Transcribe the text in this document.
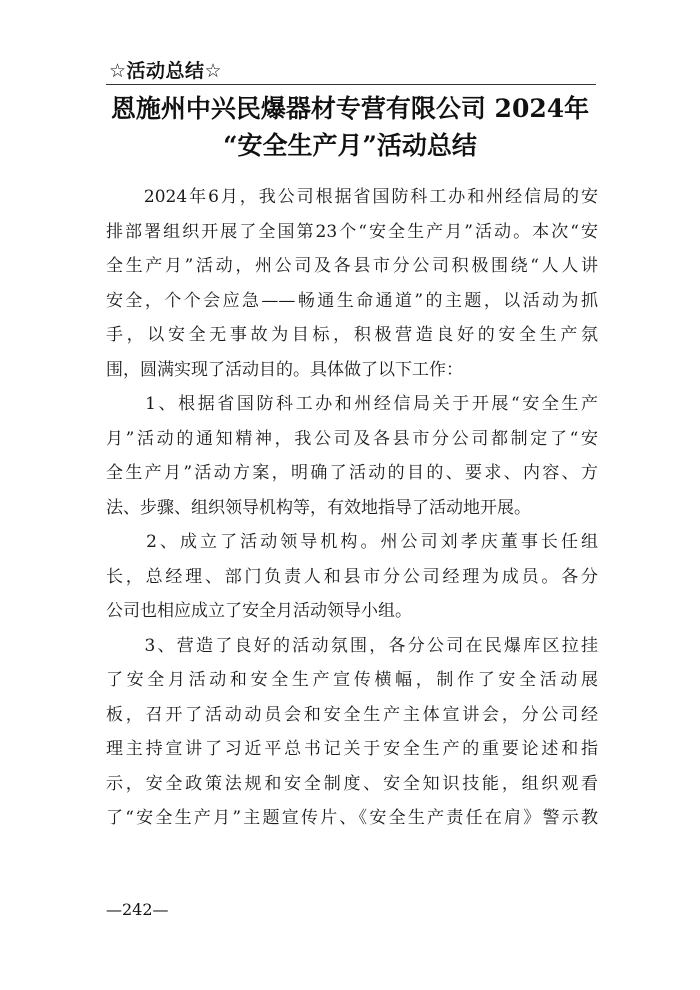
☆活动总结☆
恩施州中兴民爆器材专营有限公司 2024年
“安全生产月”活动总结
　　2024年6月，我公司根据省国防科工办和州经信局的安
排部署组织开展了全国第23个“安全生产月”活动。本次“安
全生产月”活动，州公司及各县市分公司积极围绕“人人讲
安全，个个会应急——畅通生命通道”的主题，以活动为抓
手，以安全无事故为目标，积极营造良好的安全生产氛
围，圆满实现了活动目的。具体做了以下工作：
　　1、根据省国防科工办和州经信局关于开展“安全生产
月”活动的通知精神，我公司及各县市分公司都制定了“安
全生产月”活动方案，明确了活动的目的、要求、内容、方
法、步骤、组织领导机构等，有效地指导了活动地开展。
　　2、成立了活动领导机构。州公司刘孝庆董事长任组
长，总经理、部门负责人和县市分公司经理为成员。各分
公司也相应成立了安全月活动领导小组。
　　3、营造了良好的活动氛围，各分公司在民爆库区拉挂
了安全月活动和安全生产宣传横幅，制作了安全活动展
板，召开了活动动员会和安全生产主体宣讲会，分公司经
理主持宣讲了习近平总书记关于安全生产的重要论述和指
示，安全政策法规和安全制度、安全知识技能，组织观看
了“安全生产月”主题宣传片、《安全生产责任在肩》警示教
—242—
